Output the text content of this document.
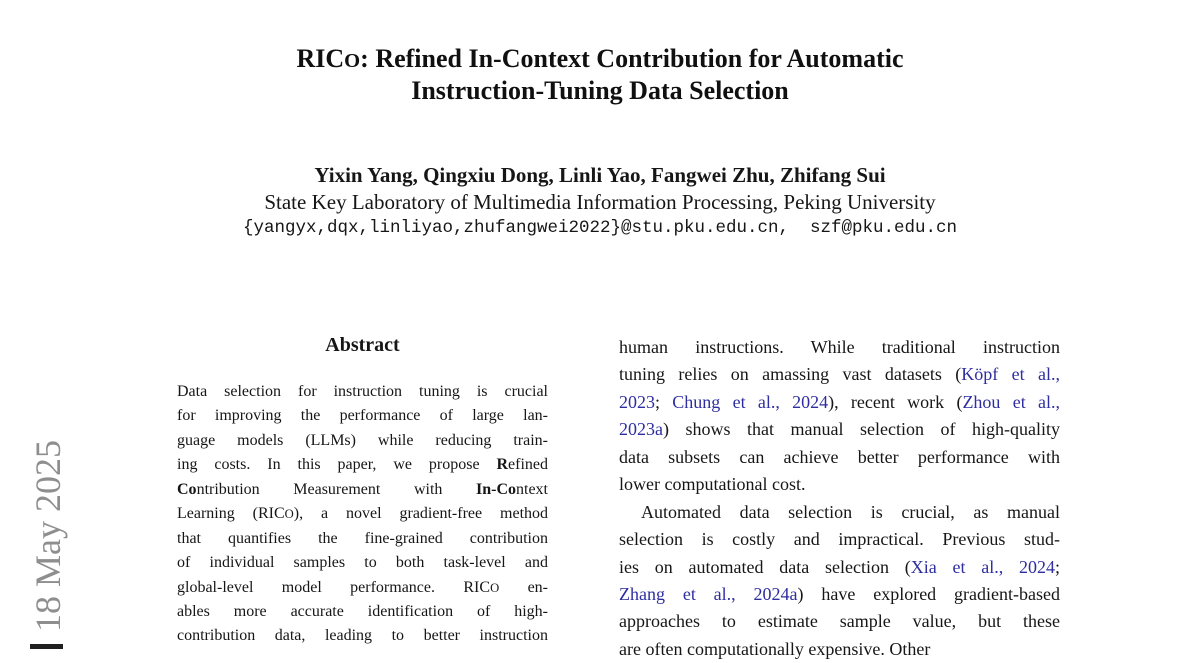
18 May 2025
RICO: Refined In-Context Contribution for Automatic
Instruction-Tuning Data Selection
Yixin Yang, Qingxiu Dong, Linli Yao, Fangwei Zhu, Zhifang Sui
State Key Laboratory of Multimedia Information Processing, Peking University
{yangyx,dqx,linliyao,zhufangwei2022}@stu.pku.edu.cn,  szf@pku.edu.cn
Abstract
Data selection for instruction tuning is crucial
for improving the performance of large lan-
guage models (LLMs) while reducing train-
ing costs. In this paper, we propose Refined
Contribution Measurement with In-Context
Learning (RICO), a novel gradient-free method
that quantifies the fine-grained contribution
of individual samples to both task-level and
global-level model performance. RICO en-
ables more accurate identification of high-
contribution data, leading to better instruction
human instructions. While traditional instruction
tuning relies on amassing vast datasets (Köpf et al.,
2023; Chung et al., 2024), recent work (Zhou et al.,
2023a) shows that manual selection of high-quality
data subsets can achieve better performance with
lower computational cost.
Automated data selection is crucial, as manual
selection is costly and impractical. Previous stud-
ies on automated data selection (Xia et al., 2024;
Zhang et al., 2024a) have explored gradient-based
approaches to estimate sample value, but these
are often computationally expensive. Other
